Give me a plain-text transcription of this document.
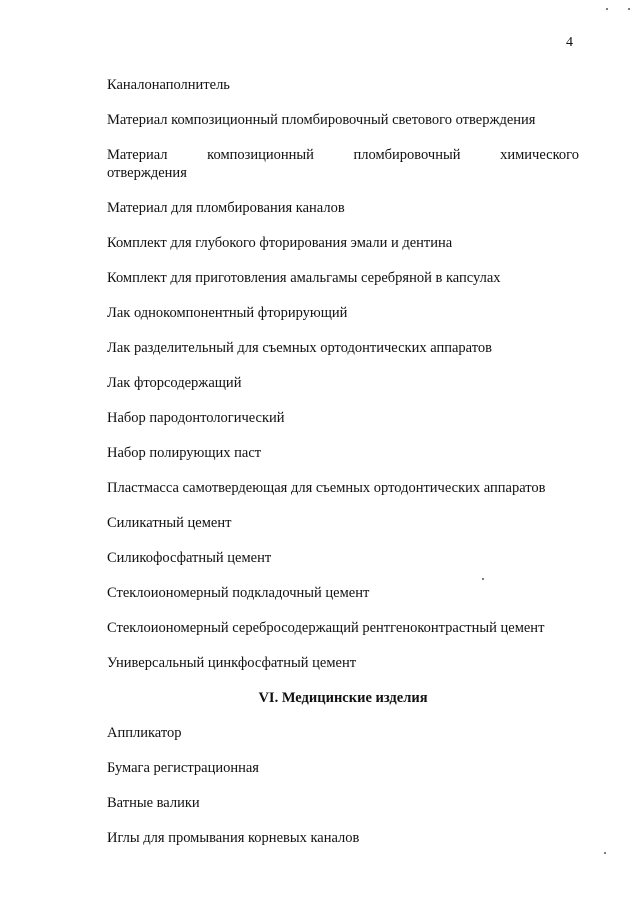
4

Каналонаполнитель

Материал композиционный пломбировочный светового отверждения

Материал	композиционный	пломбировочный	химического
отверждения

Материал для пломбирования каналов

Комплект для глубокого фторирования эмали и дентина

Комплект для приготовления амальгамы серебряной в капсулах

Лак однокомпонентный фторирующий

Лак разделительный для съемных ортодонтических аппаратов

Лак фторсодержащий

Набор пародонтологический

Набор полирующих паст

Пластмасса самотвердеющая для съемных ортодонтических аппаратов

Силикатный цемент

Силикофосфатный цемент

Стеклоиономерный подкладочный цемент

Стеклоиономерный серебросодержащий рентгеноконтрастный цемент

Универсальный цинкфосфатный цемент

VI. Медицинские изделия

Аппликатор

Бумага регистрационная

Ватные валики

Иглы для промывания корневых каналов
